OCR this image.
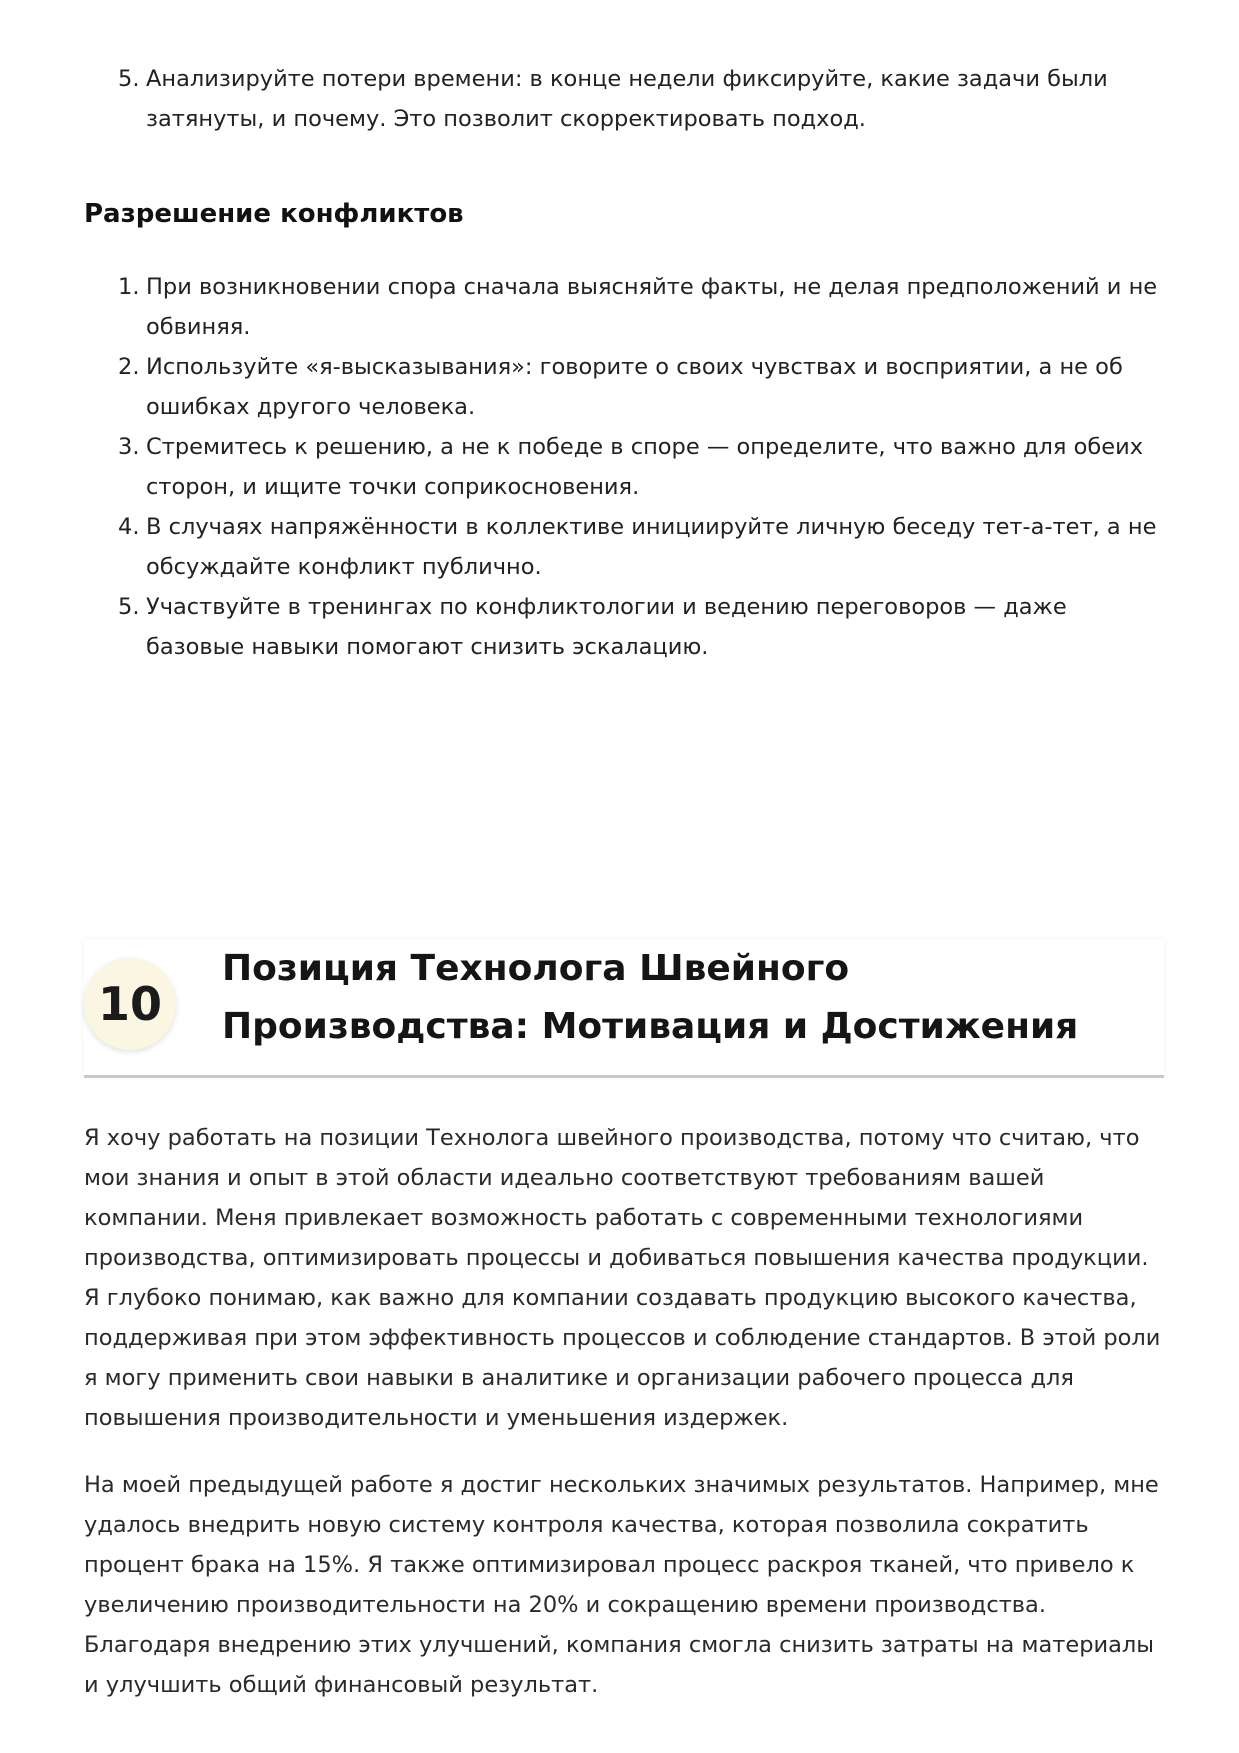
5. Анализируйте потери времени: в конце недели фиксируйте, какие задачи были затянуты, и почему. Это позволит скорректировать подход.
Разрешение конфликтов
1. При возникновении спора сначала выясняйте факты, не делая предположений и не обвиняя.
2. Используйте «я-высказывания»: говорите о своих чувствах и восприятии, а не об ошибках другого человека.
3. Стремитесь к решению, а не к победе в споре — определите, что важно для обеих сторон, и ищите точки соприкосновения.
4. В случаях напряжённости в коллективе инициируйте личную беседу тет-а-тет, а не обсуждайте конфликт публично.
5. Участвуйте в тренингах по конфликтологии и ведению переговоров — даже базовые навыки помогают снизить эскалацию.
10
Позиция Технолога Швейного Производства: Мотивация и Достижения

Я хочу работать на позиции Технолога швейного производства, потому что считаю, что мои знания и опыт в этой области идеально соответствуют требованиям вашей компании. Меня привлекает возможность работать с современными технологиями производства, оптимизировать процессы и добиваться повышения качества продукции. Я глубоко понимаю, как важно для компании создавать продукцию высокого качества, поддерживая при этом эффективность процессов и соблюдение стандартов. В этой роли я могу применить свои навыки в аналитике и организации рабочего процесса для повышения производительности и уменьшения издержек.

На моей предыдущей работе я достиг нескольких значимых результатов. Например, мне удалось внедрить новую систему контроля качества, которая позволила сократить процент брака на 15%. Я также оптимизировал процесс раскроя тканей, что привело к увеличению производительности на 20% и сокращению времени производства. Благодаря внедрению этих улучшений, компания смогла снизить затраты на материалы и улучшить общий финансовый результат.
